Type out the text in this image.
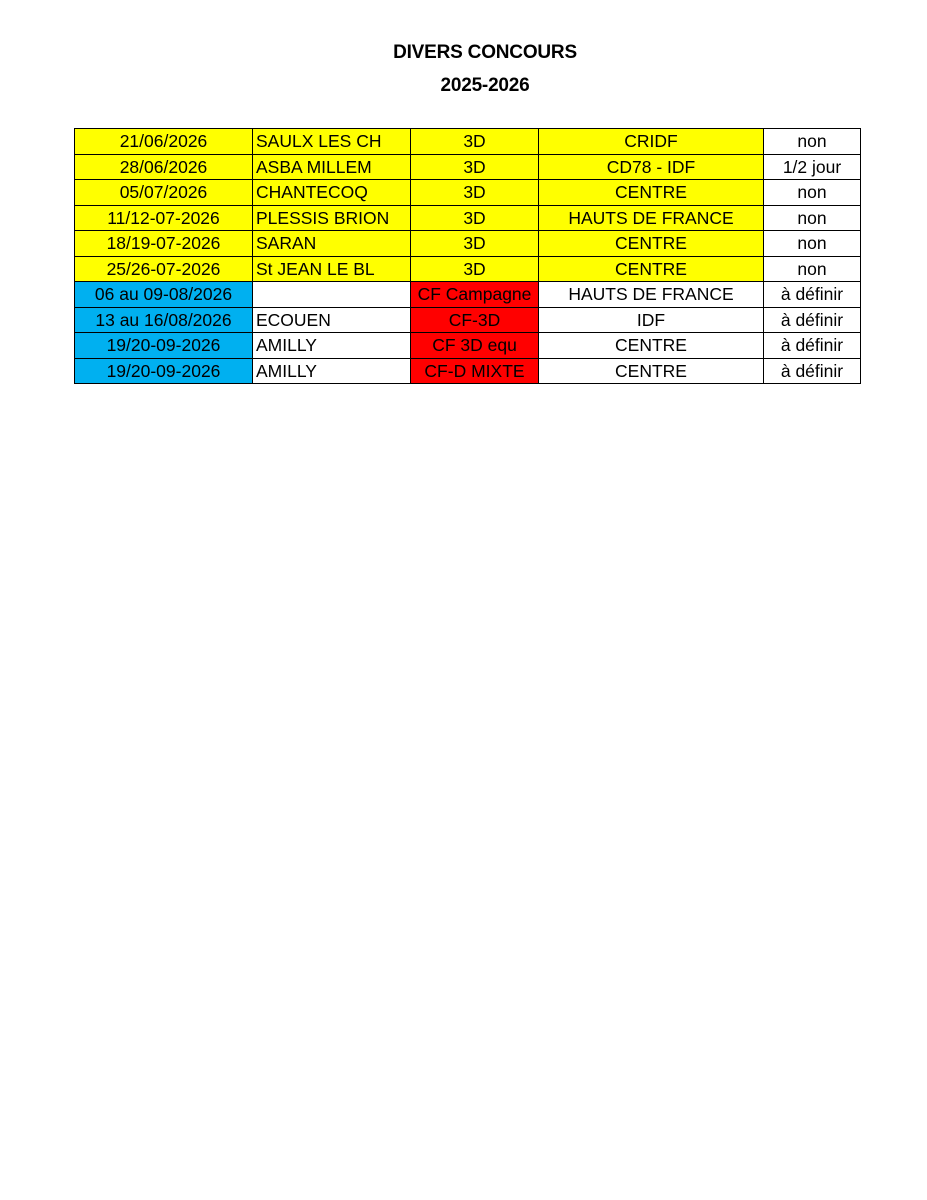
DIVERS CONCOURS
2025-2026
21/06/2026	SAULX LES CH	3D	CRIDF	non
28/06/2026	ASBA MILLEM	3D	CD78 - IDF	1/2 jour
05/07/2026	CHANTECOQ	3D	CENTRE	non
11/12-07-2026	PLESSIS BRION	3D	HAUTS DE FRANCE	non
18/19-07-2026	SARAN	3D	CENTRE	non
25/26-07-2026	St JEAN LE BL	3D	CENTRE	non
06 au 09-08/2026		CF Campagne	HAUTS DE FRANCE	à définir
13 au 16/08/2026	ECOUEN	CF-3D	IDF	à définir
19/20-09-2026	AMILLY	CF 3D equ	CENTRE	à définir
19/20-09-2026	AMILLY	CF-D MIXTE	CENTRE	à définir
